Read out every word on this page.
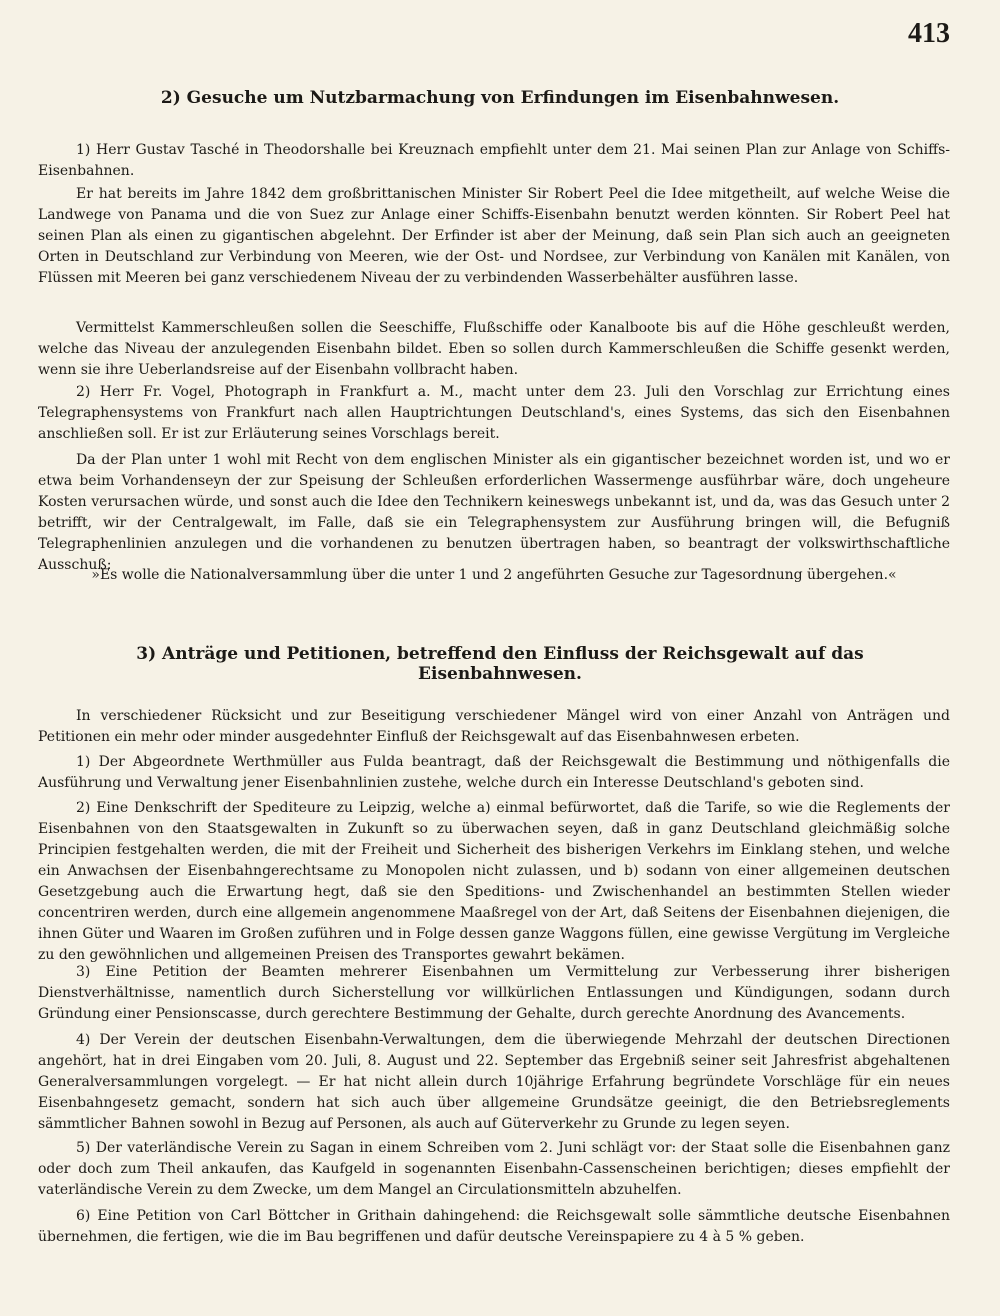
413
2) Gesuche um Nutzbarmachung von Erfindungen im Eisenbahnwesen.
1) Herr Gustav Tasché in Theodorshalle bei Kreuznach empfiehlt unter dem 21. Mai seinen Plan zur Anlage von Schiffs-Eisenbahnen.
Er hat bereits im Jahre 1842 dem großbrittanischen Minister Sir Robert Peel die Idee mitgetheilt, auf welche Weise die Landwege von Panama und die von Suez zur Anlage einer Schiffs-Eisenbahn benutzt werden könnten. Sir Robert Peel hat seinen Plan als einen zu gigantischen abgelehnt. Der Erfinder ist aber der Meinung, daß sein Plan sich auch an geeigneten Orten in Deutschland zur Verbindung von Meeren, wie der Ost- und Nordsee, zur Verbindung von Kanälen mit Kanälen, von Flüssen mit Meeren bei ganz verschiedenem Niveau der zu verbindenden Wasserbehälter ausführen lasse.
Vermittelst Kammerschleußen sollen die Seeschiffe, Flußschiffe oder Kanalboote bis auf die Höhe geschleußt werden, welche das Niveau der anzulegenden Eisenbahn bildet. Eben so sollen durch Kammerschleußen die Schiffe gesenkt werden, wenn sie ihre Ueberlandsreise auf der Eisenbahn vollbracht haben.
2) Herr Fr. Vogel, Photograph in Frankfurt a. M., macht unter dem 23. Juli den Vorschlag zur Errichtung eines Telegraphensystems von Frankfurt nach allen Hauptrichtungen Deutschland's, eines Systems, das sich den Eisenbahnen anschließen soll. Er ist zur Erläuterung seines Vorschlags bereit.
Da der Plan unter 1 wohl mit Recht von dem englischen Minister als ein gigantischer bezeichnet worden ist, und wo er etwa beim Vorhandenseyn der zur Speisung der Schleußen erforderlichen Wassermenge ausführbar wäre, doch ungeheure Kosten verursachen würde, und sonst auch die Idee den Technikern keineswegs unbekannt ist, und da, was das Gesuch unter 2 betrifft, wir der Centralgewalt, im Falle, daß sie ein Telegraphensystem zur Ausführung bringen will, die Befugniß Telegraphenlinien anzulegen und die vorhandenen zu benutzen übertragen haben, so beantragt der volkswirthschaftliche Ausschuß:
»Es wolle die Nationalversammlung über die unter 1 und 2 angeführten Gesuche zur Tagesordnung übergehen.«
3) Anträge und Petitionen, betreffend den Einfluss der Reichsgewalt auf das Eisenbahnwesen.
In verschiedener Rücksicht und zur Beseitigung verschiedener Mängel wird von einer Anzahl von Anträgen und Petitionen ein mehr oder minder ausgedehnter Einfluß der Reichsgewalt auf das Eisenbahnwesen erbeten.
1) Der Abgeordnete Werthmüller aus Fulda beantragt, daß der Reichsgewalt die Bestimmung und nöthigenfalls die Ausführung und Verwaltung jener Eisenbahnlinien zustehe, welche durch ein Interesse Deutschland's geboten sind.
2) Eine Denkschrift der Spediteure zu Leipzig, welche a) einmal befürwortet, daß die Tarife, so wie die Reglements der Eisenbahnen von den Staatsgewalten in Zukunft so zu überwachen seyen, daß in ganz Deutschland gleichmäßig solche Principien festgehalten werden, die mit der Freiheit und Sicherheit des bisherigen Verkehrs im Einklang stehen, und welche ein Anwachsen der Eisenbahngerechtsame zu Monopolen nicht zulassen, und b) sodann von einer allgemeinen deutschen Gesetzgebung auch die Erwartung hegt, daß sie den Speditions- und Zwischenhandel an bestimmten Stellen wieder concentriren werden, durch eine allgemein angenommene Maaßregel von der Art, daß Seitens der Eisenbahnen diejenigen, die ihnen Güter und Waaren im Großen zuführen und in Folge dessen ganze Waggons füllen, eine gewisse Vergütung im Vergleiche zu den gewöhnlichen und allgemeinen Preisen des Transportes gewahrt bekämen.
3) Eine Petition der Beamten mehrerer Eisenbahnen um Vermittelung zur Verbesserung ihrer bisherigen Dienstverhältnisse, namentlich durch Sicherstellung vor willkürlichen Entlassungen und Kündigungen, sodann durch Gründung einer Pensionscasse, durch gerechtere Bestimmung der Gehalte, durch gerechte Anordnung des Avancements.
4) Der Verein der deutschen Eisenbahn-Verwaltungen, dem die überwiegende Mehrzahl der deutschen Directionen angehört, hat in drei Eingaben vom 20. Juli, 8. August und 22. September das Ergebniß seiner seit Jahresfrist abgehaltenen Generalversammlungen vorgelegt. — Er hat nicht allein durch 10jährige Erfahrung begründete Vorschläge für ein neues Eisenbahngesetz gemacht, sondern hat sich auch über allgemeine Grundsätze geeinigt, die den Betriebsreglements sämmtlicher Bahnen sowohl in Bezug auf Personen, als auch auf Güterverkehr zu Grunde zu legen seyen.
5) Der vaterländische Verein zu Sagan in einem Schreiben vom 2. Juni schlägt vor: der Staat solle die Eisenbahnen ganz oder doch zum Theil ankaufen, das Kaufgeld in sogenannten Eisenbahn-Cassenscheinen berichtigen; dieses empfiehlt der vaterländische Verein zu dem Zwecke, um dem Mangel an Circulationsmitteln abzuhelfen.
6) Eine Petition von Carl Böttcher in Grithain dahingehend: die Reichsgewalt solle sämmtliche deutsche Eisenbahnen übernehmen, die fertigen, wie die im Bau begriffenen und dafür deutsche Vereinspapiere zu 4 à 5 % geben.
